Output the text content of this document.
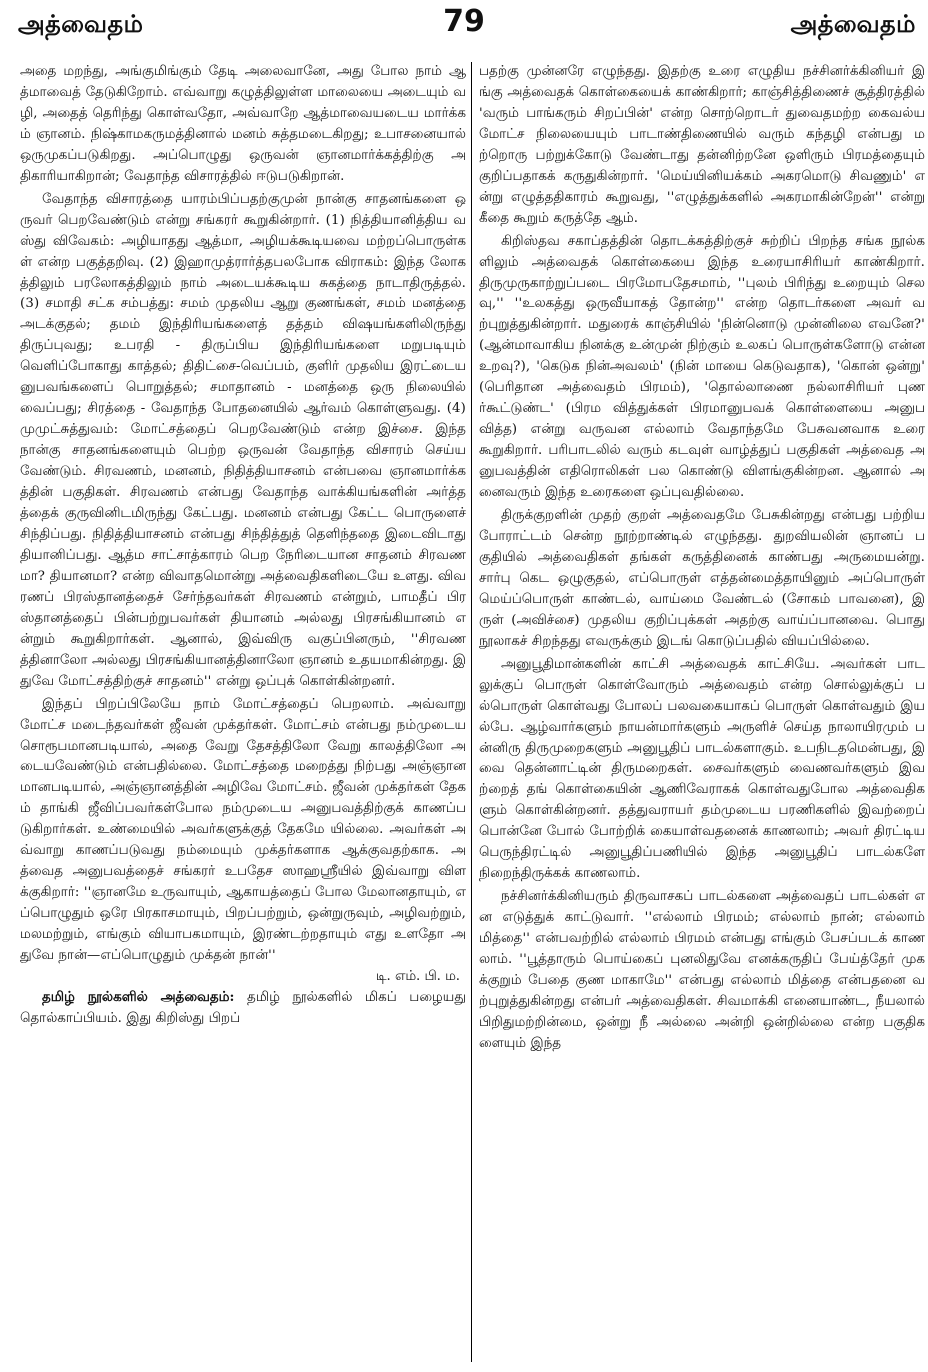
அத்வைதம்	79	அத்வைதம்

அதை மறந்து, அங்குமிங்கும் தேடி அலைவானே, அது போல நாம் ஆத்மாவைத் தேடுகிறோம். எவ்வாறு கழுத்திலுள்ள மாலையை அடையும் வழி, அதைத் தெரிந்து கொள்வதோ, அவ்வாறே ஆத்மாவையடைய மார்க்கம் ஞானம். நிஷ்காமகருமத்தினால் மனம் சுத்தமடைகிறது; உபாசனையால் ஒருமுகப்படுகிறது. அப்பொழுது ஒருவன் ஞானமார்க்கத்திற்கு அதிகாரியாகிறான்; வேதாந்த விசாரத்தில் ஈடுபடுகிறான்.

வேதாந்த விசாரத்தை யாரம்பிப்பதற்குமுன் நான்கு சாதனங்களை ஒருவர் பெறவேண்டும் என்று சங்கரர் கூறுகின்றார். (1) நித்தியானித்திய வஸ்து விவேகம்: அழியாதது ஆத்மா, அழியக்கூடியவை மற்றப்பொருள்கள் என்ற பகுத்தறிவு. (2) இஹாமுத்ரார்த்தபலபோக விராகம்: இந்த லோகத்திலும் பரலோகத்திலும் நாம் அடையக்கூடிய சுகத்தை நாடாதிருத்தல். (3) சமாதி சட்க சம்பத்து: சமம் முதலிய ஆறு குணங்கள், சமம் மனத்தை அடக்குதல்; தமம் இந்திரியங்களைத் தத்தம் விஷயங்களிலிருந்து திருப்புவது; உபரதி - திருப்பிய இந்திரியங்களை மறுபடியும் வெளிப்போகாது காத்தல்; திதிட்சை-வெப்பம், குளிர் முதலிய இரட்டையனுபவங்களைப் பொறுத்தல்; சமாதானம் - மனத்தை ஒரு நிலையில் வைப்பது; சிரத்தை - வேதாந்த போதனையில் ஆர்வம் கொள்ளுவது. (4) முமுட்சுத்துவம்: மோட்சத்தைப் பெறவேண்டும் என்ற இச்சை. இந்த நான்கு சாதனங்களையும் பெற்ற ஒருவன் வேதாந்த விசாரம் செய்ய வேண்டும். சிரவணம், மனனம், நிதித்தியாசனம் என்பவை ஞானமார்க்கத்தின் பகுதிகள். சிரவணம் என்பது வேதாந்த வாக்கியங்களின் அர்த்தத்தைக் குருவினிடமிருந்து கேட்பது. மனனம் என்பது கேட்ட பொருளைச் சிந்திப்பது. நிதித்தியாசனம் என்பது சிந்தித்துத் தெளிந்ததை இடைவிடாது தியானிப்பது. ஆத்ம சாட்சாத்காரம் பெற நேரிடையான சாதனம் சிரவணமா? தியானமா? என்ற விவாதமொன்று அத்வைதிகளிடையே உளது. விவரணப் பிரஸ்தானத்தைச் சேர்ந்தவர்கள் சிரவணம் என்றும், பாமதீப் பிரஸ்தானத்தைப் பின்பற்றுபவர்கள் தியானம் அல்லது பிரசங்கியானம் என்றும் கூறுகிறார்கள். ஆனால், இவ்விரு வகுப்பினரும், ''சிரவணத்தினாலோ அல்லது பிரசங்கியானத்தினாலோ ஞானம் உதயமாகின்றது. இதுவே மோட்சத்திற்குச் சாதனம்'' என்று ஒப்புக் கொள்கின்றனர்.

இந்தப் பிறப்பிலேயே நாம் மோட்சத்தைப் பெறலாம். அவ்வாறு மோட்ச மடைந்தவர்கள் ஜீவன் முக்தர்கள். மோட்சம் என்பது நம்முடைய சொரூபமானபடியால், அதை வேறு தேசத்திலோ வேறு காலத்திலோ அடையவேண்டும் என்பதில்லை. மோட்சத்தை மறைத்து நிற்பது அஞ்ஞான மானபடியால், அஞ்ஞானத்தின் அழிவே மோட்சம். ஜீவன் முக்தர்கள் தேகம் தாங்கி ஜீவிப்பவர்கள்போல நம்முடைய அனுபவத்திற்குக் காணப்படுகிறார்கள். உண்மையில் அவர்களுக்குத் தேகமே யில்லை. அவர்கள் அவ்வாறு காணப்படுவது நம்மையும் முக்தர்களாக ஆக்குவதற்காக. அத்வைத அனுபவத்தைச் சங்கரர் உபதேச ஸாஹஸ்ரீயில் இவ்வாறு விளக்குகிறார்: ''ஞானமே உருவாயும், ஆகாயத்தைப் போல மேலானதாயும், எப்பொழுதும் ஒரே பிரகாசமாயும், பிறப்பற்றும், ஒன்றுருவும், அழிவற்றும், மலமற்றும், எங்கும் வியாபகமாயும், இரண்டற்றதாயும் எது உளதோ அதுவே நான்—எப்பொழுதும் முக்தன் நான்''

டி. எம். பி. ம.

தமிழ் நூல்களில் அத்வைதம்: தமிழ் நூல்களில் மிகப் பழையது தொல்காப்பியம். இது கிறிஸ்து பிறப்

பதற்கு முன்னரே எழுந்தது. இதற்கு உரை எழுதிய நச்சினர்க்கினியர் இங்கு அத்வைதக் கொள்கையைக் காண்கிறார்; காஞ்சித்திணைச் சூத்திரத்தில் 'வரும் பாங்கரும் சிறப்பின்' என்ற சொற்றொடர் துவைதமற்ற கைவல்ய மோட்ச நிலையையும் பாடாண்திணையில் வரும் கந்தழி என்பது மற்றொரு பற்றுக்கோடு வேண்டாது தன்னிற்றனே ஒளிரும் பிரமத்தையும் குறிப்பதாகக் கருதுகின்றார். 'மெய்யினியக்கம் அகரமொடு சிவணும்' என்று எழுத்ததிகாரம் கூறுவது, ''எழுத்துக்களில் அகரமாகின்றேன்'' என்று கீதை கூறும் கருத்தே ஆம்.

கிறிஸ்தவ சகாப்தத்தின் தொடக்கத்திற்குச் சுற்றிப் பிறந்த சங்க நூல்களிலும் அத்வைதக் கொள்கையை இந்த உரையாசிரியர் காண்கிறார். திருமுருகாற்றுப்படை பிரமோபதேசமாம், ''புலம் பிரிந்து உறையும் செலவு,'' ''உலகத்து ஒருவீயாகத் தோன்ற'' என்ற தொடர்களை அவர் வற்புறுத்துகின்றார். மதுரைக் காஞ்சியில் 'நின்னொடு முன்னிலை எவனே?' (ஆன்மாவாகிய நினக்கு உன்முன் நிற்கும் உலகப் பொருள்களோடு என்ன உறவு?), 'கெடுக நின்அவலம்' (நின் மாயை கெடுவதாக), 'கொன் ஒன்று' (பெரிதான அத்வைதம் பிரமம்), 'தொல்லாணை நல்லாசிரியர் புணர்கூட்டுண்ட' (பிரம வித்துக்கள் பிரமானுபவக் கொள்ளையை அனுபவித்த) என்று வருவன எல்லாம் வேதாந்தமே பேசுவனவாக உரை கூறுகிறார். பரிபாடலில் வரும் கடவுள் வாழ்த்துப் பகுதிகள் அத்வைத அனுபவத்தின் எதிரொலிகள் பல கொண்டு விளங்குகின்றன. ஆனால் அனைவரும் இந்த உரைகளை ஒப்புவதில்லை.

திருக்குறளின் முதற் குறள் அத்வைதமே பேசுகின்றது என்பது பற்றிய போராட்டம் சென்ற நூற்றாண்டில் எழுந்தது. துறவியலின் ஞானப் பகுதியில் அத்வைதிகள் தங்கள் கருத்தினைக் காண்பது அருமையன்று. சார்பு கெட ஒழுகுதல், எப்பொருள் எத்தன்மைத்தாயினும் அப்பொருள் மெய்ப்பொருள் காண்டல், வாய்மை வேண்டல் (சோகம் பாவனை), இருள் (அவிச்சை) முதலிய குறிப்புக்கள் அதற்கு வாய்ப்பானவை. பொது நூலாகச் சிறந்தது எவருக்கும் இடங் கொடுப்பதில் வியப்பில்லை.

அனுபூதிமான்களின் காட்சி அத்வைதக் காட்சியே. அவர்கள் பாடலுக்குப் பொருள் கொள்வோரும் அத்வைதம் என்ற சொல்லுக்குப் பல்பொருள் கொள்வது போலப் பலவகையாகப் பொருள் கொள்வதும் இயல்பே. ஆழ்வார்களும் நாயன்மார்களும் அருளிச் செய்த நாலாயிரமும் பன்னிரு திருமுறைகளும் அனுபூதிப் பாடல்களாகும். உபநிடதமென்பது, இவை தென்னாட்டின் திருமறைகள். சைவர்களும் வைணவர்களும் இவற்றைத் தங் கொள்கையின் ஆணிவேராகக் கொள்வதுபோல அத்வைதிகளும் கொள்கின்றனர். தத்துவராயர் தம்முடைய பரணிகளில் இவற்றைப் பொன்னே போல் போற்றிக் கையாள்வதனைக் காணலாம்; அவர் திரட்டிய பெருந்திரட்டில் அனுபூதிப்பணியில் இந்த அனுபூதிப் பாடல்களே நிறைந்திருக்கக் காணலாம்.

நச்சினர்க்கினியரும் திருவாசகப் பாடல்களை அத்வைதப் பாடல்கள் என எடுத்துக் காட்டுவார். ''எல்லாம் பிரமம்; எல்லாம் நான்; எல்லாம் மித்தை'' என்பவற்றில் எல்லாம் பிரமம் என்பது எங்கும் பேசப்படக் காணலாம். ''பூத்தாரும் பொய்கைப் புனலிதுவே எனக்கருதிப் பேய்த்தேர் முகக்குறும் பேதை குண மாகாமே'' என்பது எல்லாம் மித்தை என்பதனை வற்புறுத்துகின்றது என்பர் அத்வைதிகள். சிவமாக்கி எனையாண்ட, நீயலால் பிறிதுமற்றின்மை, ஒன்று நீ அல்லை அன்றி ஒன்றில்லை என்ற பகுதிகளையும் இந்த
